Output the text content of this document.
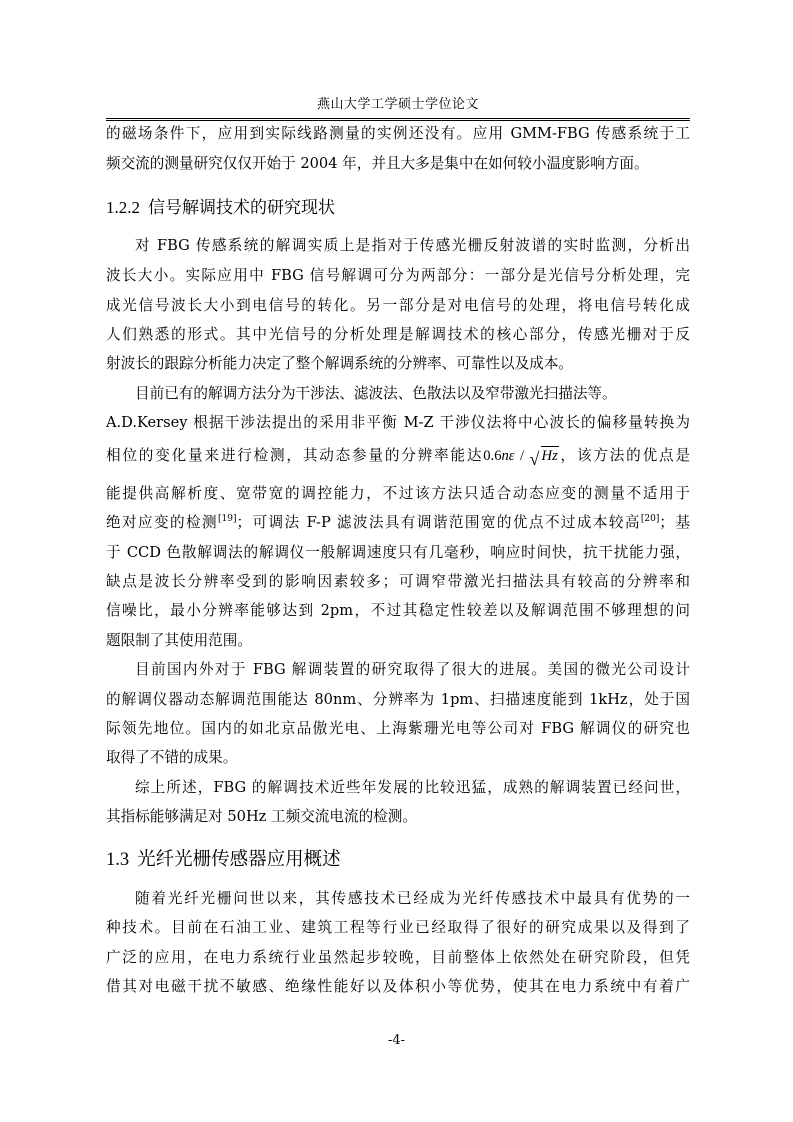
燕山大学工学硕士学位论文
的磁场条件下，应用到实际线路测量的实例还没有。应用 GMM-FBG 传感系统于工
频交流的测量研究仅仅开始于 2004 年，并且大多是集中在如何较小温度影响方面。
1.2.2 信号解调技术的研究现状
对 FBG 传感系统的解调实质上是指对于传感光栅反射波谱的实时监测，分析出
波长大小。实际应用中 FBG 信号解调可分为两部分：一部分是光信号分析处理，完
成光信号波长大小到电信号的转化。另一部分是对电信号的处理，将电信号转化成
人们熟悉的形式。其中光信号的分析处理是解调技术的核心部分，传感光栅对于反
射波长的跟踪分析能力决定了整个解调系统的分辨率、可靠性以及成本。
目前已有的解调方法分为干涉法、滤波法、色散法以及窄带激光扫描法等。
A.D.Kersey 根据干涉法提出的采用非平衡 M-Z 干涉仪法将中心波长的偏移量转换为
相位的变化量来进行检测，其动态参量的分辨率能达0.6nε / √ Hz，该方法的优点是
能提供高解析度、宽带宽的调控能力，不过该方法只适合动态应变的测量不适用于
绝对应变的检测[19]；可调法 F-P 滤波法具有调谐范围宽的优点不过成本较高[20]；基
于 CCD 色散解调法的解调仪一般解调速度只有几毫秒，响应时间快，抗干扰能力强，
缺点是波长分辨率受到的影响因素较多；可调窄带激光扫描法具有较高的分辨率和
信噪比，最小分辨率能够达到 2pm，不过其稳定性较差以及解调范围不够理想的问
题限制了其使用范围。
目前国内外对于 FBG 解调装置的研究取得了很大的进展。美国的微光公司设计
的解调仪器动态解调范围能达 80nm、分辨率为 1pm、扫描速度能到 1kHz，处于国
际领先地位。国内的如北京品傲光电、上海紫珊光电等公司对 FBG 解调仪的研究也
取得了不错的成果。
综上所述，FBG 的解调技术近些年发展的比较迅猛，成熟的解调装置已经问世，
其指标能够满足对 50Hz 工频交流电流的检测。
1.3 光纤光栅传感器应用概述
随着光纤光栅问世以来，其传感技术已经成为光纤传感技术中最具有优势的一
种技术。目前在石油工业、建筑工程等行业已经取得了很好的研究成果以及得到了
广泛的应用，在电力系统行业虽然起步较晚，目前整体上依然处在研究阶段，但凭
借其对电磁干扰不敏感、绝缘性能好以及体积小等优势，使其在电力系统中有着广
-4-
